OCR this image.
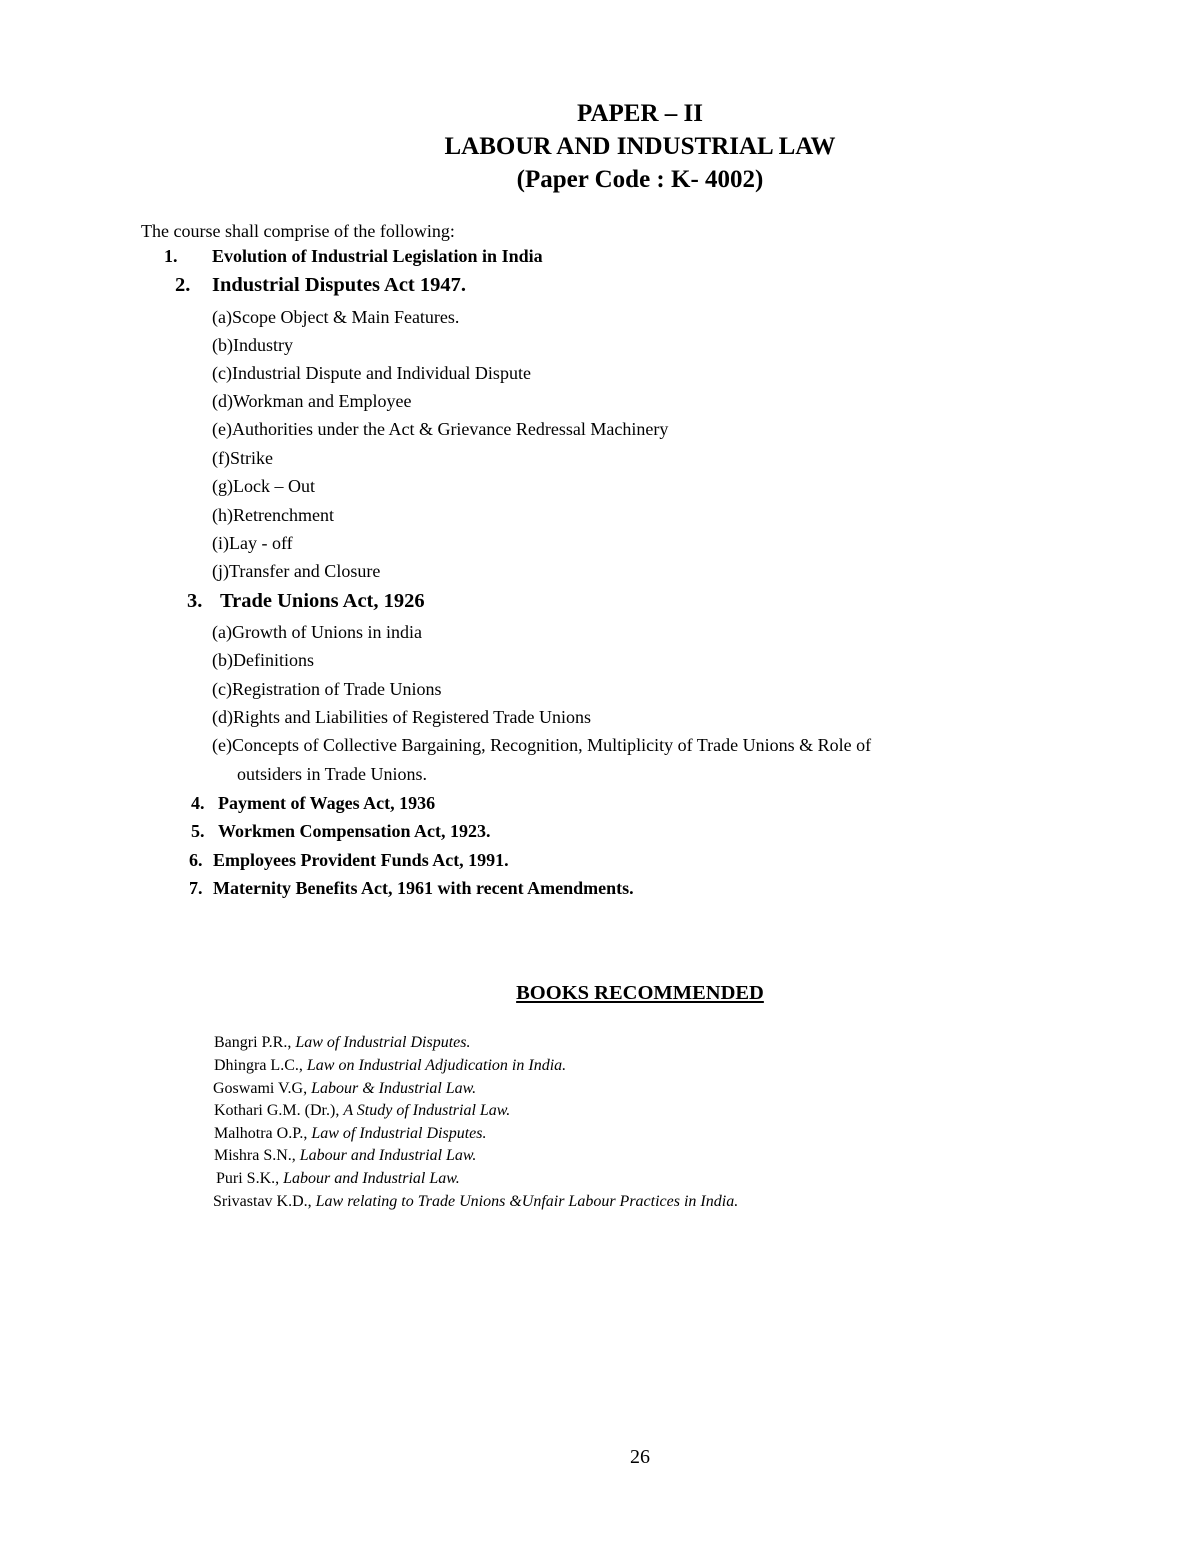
PAPER – II
LABOUR AND INDUSTRIAL LAW
(Paper Code : K- 4002)
The course shall comprise of the following:
1. Evolution of Industrial Legislation in India
2. Industrial Disputes Act 1947.
(a)Scope Object & Main Features.
(b)Industry
(c)Industrial Dispute and Individual Dispute
(d)Workman and Employee
(e)Authorities under the Act & Grievance Redressal Machinery
(f)Strike
(g)Lock – Out
(h)Retrenchment
(i)Lay - off
(j)Transfer and Closure
3. Trade Unions Act, 1926
(a)Growth of Unions in india
(b)Definitions
(c)Registration of Trade Unions
(d)Rights and Liabilities of Registered Trade Unions
(e)Concepts of Collective Bargaining, Recognition, Multiplicity of Trade Unions & Role of
outsiders in Trade Unions.
4. Payment of Wages Act, 1936
5. Workmen Compensation Act, 1923.
6. Employees Provident Funds Act, 1991.
7. Maternity Benefits Act, 1961 with recent Amendments.
BOOKS RECOMMENDED
Bangri P.R., Law of Industrial Disputes.
Dhingra L.C., Law on Industrial Adjudication in India.
Goswami V.G, Labour & Industrial Law.
Kothari G.M. (Dr.), A Study of Industrial Law.
Malhotra O.P., Law of Industrial Disputes.
Mishra S.N., Labour and Industrial Law.
Puri S.K., Labour and Industrial Law.
Srivastav K.D., Law relating to Trade Unions &Unfair Labour Practices in India.
26
